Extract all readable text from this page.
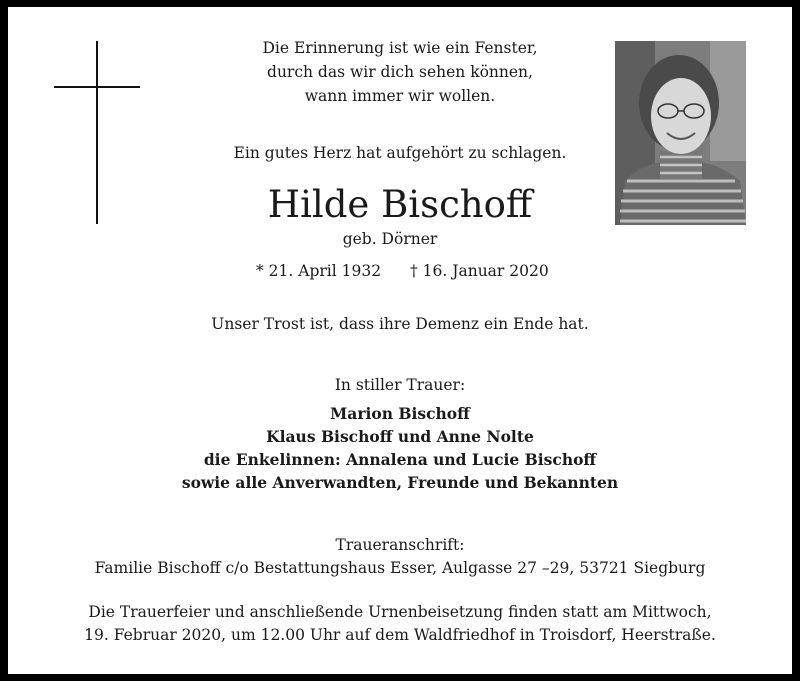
Die Erinnerung ist wie ein Fenster,
durch das wir dich sehen können,
wann immer wir wollen.
Ein gutes Herz hat aufgehört zu schlagen.
Hilde Bischoff
geb. Dörner
* 21. April 1932 † 16. Januar 2020
Unser Trost ist, dass ihre Demenz ein Ende hat.
In stiller Trauer:
Marion Bischoff
Klaus Bischoff und Anne Nolte
die Enkelinnen: Annalena und Lucie Bischoff
sowie alle Anverwandten, Freunde und Bekannten
Traueranschrift:
Familie Bischoff c/o Bestattungshaus Esser, Aulgasse 27 –29, 53721 Siegburg
Die Trauerfeier und anschließende Urnenbeisetzung finden statt am Mittwoch,
19. Februar 2020, um 12.00 Uhr auf dem Waldfriedhof in Troisdorf, Heerstraße.
